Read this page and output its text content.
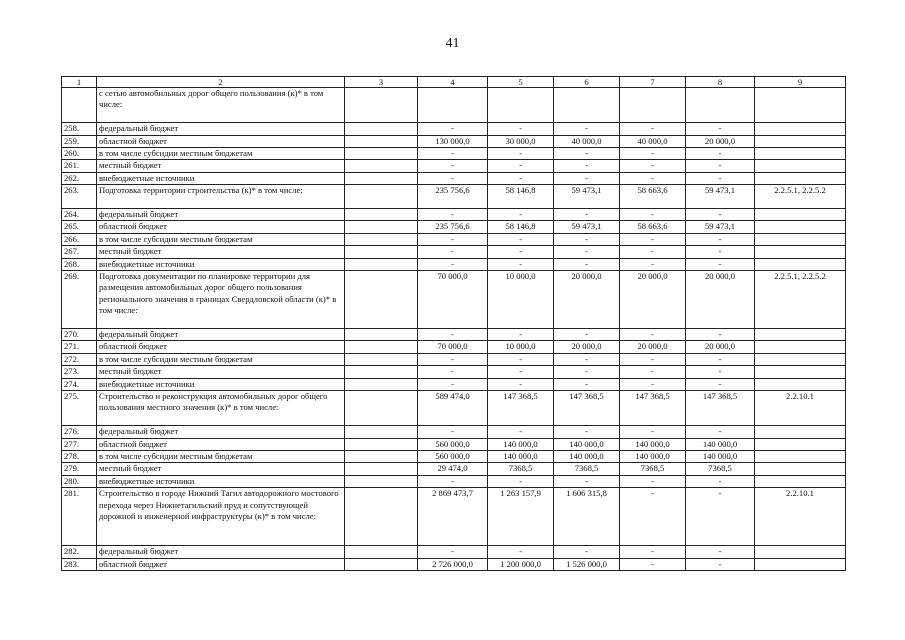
41
1	2	3	4	5	6	7	8	9
	с сетью автомобильных дорог общего пользования (к)* в том числе:							
258.	федеральный бюджет		-	-	-	-	-	
259.	областной бюджет		130 000,0	30 000,0	40 000,0	40 000,0	20 000,0	
260.	в том числе субсидии местным бюджетам		-	-	-	-	-	
261.	местный бюджет		-	-	-	-	-	
262.	внебюджетные источники		-	-	-	-	-	
263.	Подготовка территории строительства (к)* в том числе:		235 756,6	58 146,8	59 473,1	58 663,6	59 473,1	2.2.5.1, 2.2.5.2
264.	федеральный бюджет		-	-	-	-	-	
265.	областной бюджет		235 756,6	58 146,8	59 473,1	58 663,6	59 473,1	
266.	в том числе субсидии местным бюджетам		-	-	-	-	-	
267.	местный бюджет		-	-	-	-	-	
268.	внебюджетные источники		-	-	-	-	-	
269.	Подготовка документации по планировке территории для размещения автомобильных дорог общего пользования регионального значения в границах Свердловской области (к)* в том числе:		70 000,0	10 000,0	20 000,0	20 000,0	20 000,0	2.2.5.1, 2.2.5.2
270.	федеральный бюджет		-	-	-	-	-	
271.	областной бюджет		70 000,0	10 000,0	20 000,0	20 000,0	20 000,0	
272.	в том числе субсидии местным бюджетам		-	-	-	-	-	
273.	местный бюджет		-	-	-	-	-	
274.	внебюджетные источники		-	-	-	-	-	
275.	Строительство и реконструкция автомобильных дорог общего пользования местного значения (к)* в том числе:		589 474,0	147 368,5	147 368,5	147 368,5	147 368,5	2.2.10.1
276.	федеральный бюджет		-	-	-	-	-	
277.	областной бюджет		560 000,0	140 000,0	140 000,0	140 000,0	140 000,0	
278.	в том числе субсидии местным бюджетам		560 000,0	140 000,0	140 000,0	140 000,0	140 000,0	
279.	местный бюджет		29 474,0	7368,5	7368,5	7368,5	7368,5	
280.	внебюджетные источники		-	-	-	-	-	
281.	Строительство в городе Нижний Тагил автодорожного мостового перехода через Нижнетагильский пруд и сопутствующей дорожной и инженерной инфраструктуры (к)* в том числе:		2 869 473,7	1 263 157,9	1 606 315,8	-	-	2.2.10.1
282.	федеральный бюджет		-	-	-	-	-	
283.	областной бюджет		2 726 000,0	1 200 000,0	1 526 000,0	-	-	
